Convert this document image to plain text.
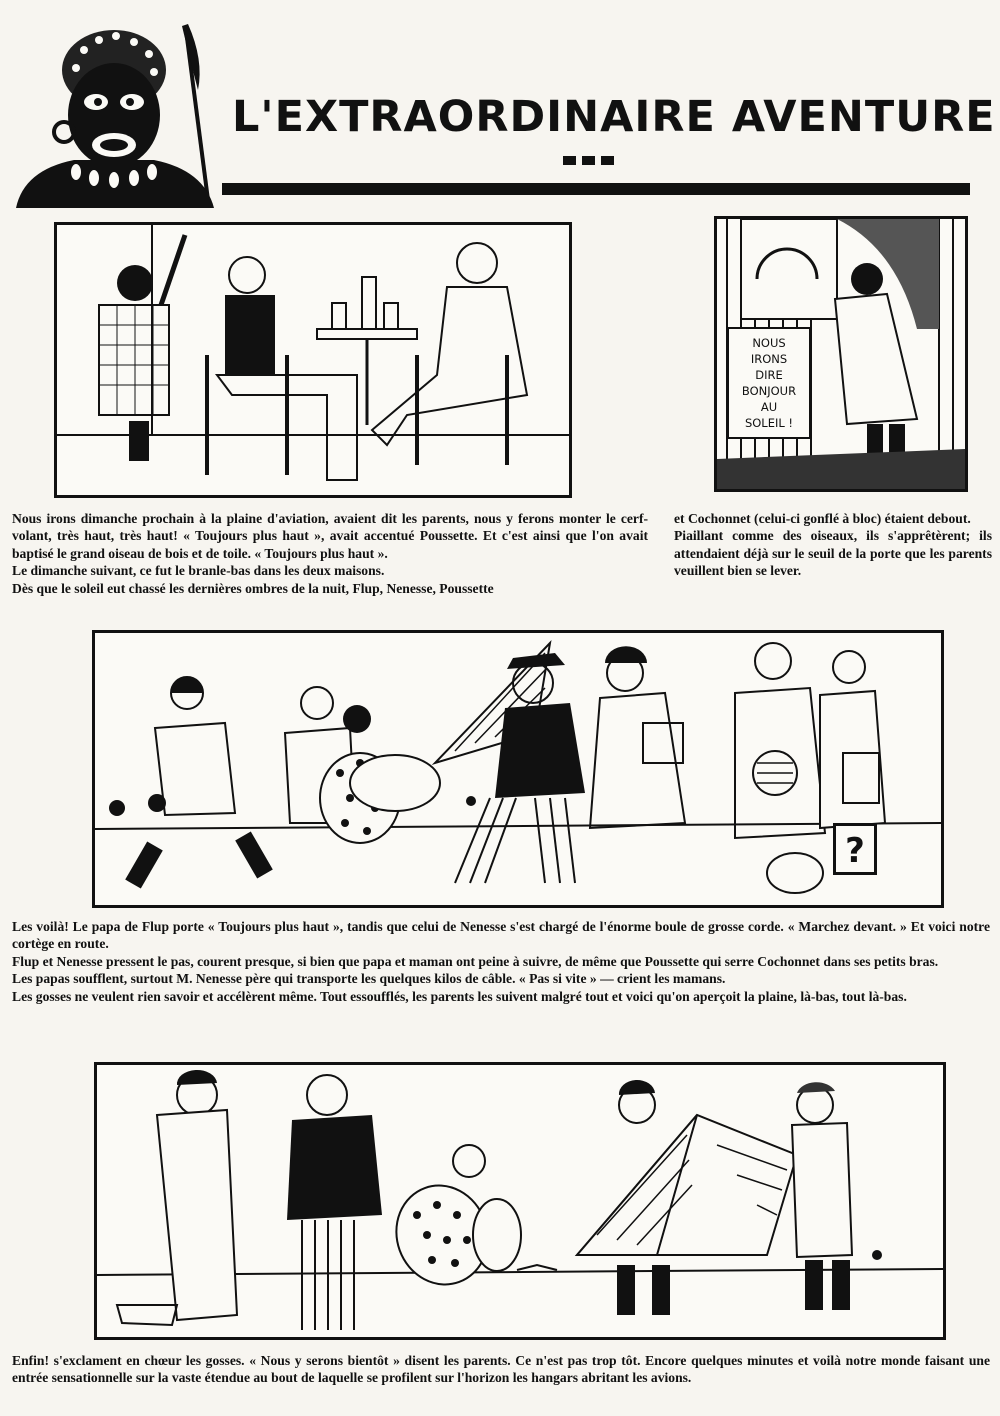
L'EXTRAORDINAIRE AVENTURE
NOUS
IRONS
DIRE
BONJOUR
AU
SOLEIL !

Nous irons dimanche prochain à la plaine d'aviation, avaient dit les parents, nous y ferons monter le cerf-volant, très haut, très haut! « Toujours plus haut », avait accentué Poussette. Et c'est ainsi que l'on avait baptisé le grand oiseau de bois et de toile. « Toujours plus haut ».

Le dimanche suivant, ce fut le branle-bas dans les deux maisons.

Dès que le soleil eut chassé les dernières ombres de la nuit, Flup, Nenesse, Poussette

et Cochonnet (celui-ci gonflé à bloc) étaient debout.

Piaillant comme des oiseaux, ils s'apprêtèrent; ils attendaient déjà sur le seuil de la porte que les parents veuillent bien se lever.

?

Les voilà! Le papa de Flup porte « Toujours plus haut », tandis que celui de Nenesse s'est chargé de l'énorme boule de grosse corde. « Marchez devant. » Et voici notre cortège en route.

Flup et Nenesse pressent le pas, courent presque, si bien que papa et maman ont peine à suivre, de même que Poussette qui serre Cochonnet dans ses petits bras.

Les papas soufflent, surtout M. Nenesse père qui transporte les quelques kilos de câble. « Pas si vite » — crient les mamans.

Les gosses ne veulent rien savoir et accélèrent même. Tout essoufflés, les parents les suivent malgré tout et voici qu'on aperçoit la plaine, là-bas, tout là-bas.

Enfin! s'exclament en chœur les gosses. « Nous y serons bientôt » disent les parents. Ce n'est pas trop tôt. Encore quelques minutes et voilà notre monde faisant une entrée sensationnelle sur la vaste étendue au bout de laquelle se profilent sur l'horizon les hangars abritant les avions.
